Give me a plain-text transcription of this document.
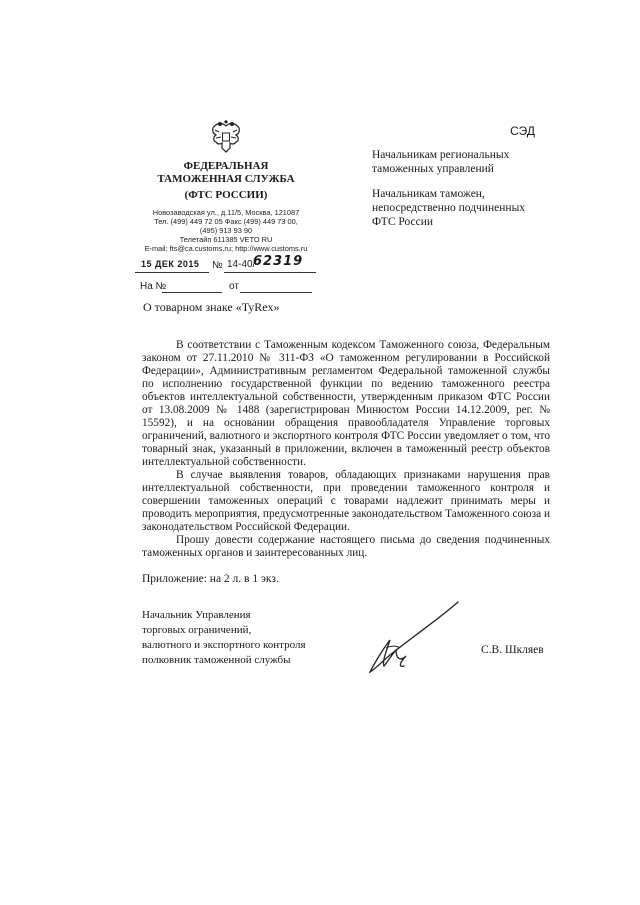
ФЕДЕРАЛЬНАЯ
ТАМОЖЕННАЯ СЛУЖБА
(ФТС РОССИИ)
Новозаводская ул., д.11/5, Москва, 121087
Тел. (499) 449 72 05 Факс (499) 449 73 00,
(495) 913 93 90
Телетайп 611385 VETO RU
E-mail: fts@ca.customs.ru; http://www.customs.ru
15 ДЕК 2015 № 14-40/
62319
На №	от
СЭД
Начальникам региональных
таможенных управлений
Начальникам таможен,
непосредственно подчиненных
ФТС России
О товарном знаке «TyRex»

В соответствии с Таможенным кодексом Таможенного союза, Федеральным законом от 27.11.2010 № 311-ФЗ «О таможенном регулировании в Российской Федерации», Административным регламентом Федеральной таможенной службы по исполнению государственной функции по ведению таможенного реестра объектов интеллектуальной собственности, утвержденным приказом ФТС России от 13.08.2009 № 1488 (зарегистрирован Минюстом России 14.12.2009, рег. № 15592), и на основании обращения правообладателя Управление торговых ограничений, валютного и экспортного контроля ФТС России уведомляет о том, что товарный знак, указанный в приложении, включен в таможенный реестр объектов интеллектуальной собственности.

В случае выявления товаров, обладающих признаками нарушения прав интеллектуальной собственности, при проведении таможенного контроля и совершении таможенных операций с товарами надлежит принимать меры и проводить мероприятия, предусмотренные законодательством Таможенного союза и законодательством Российской Федерации.

Прошу довести содержание настоящего письма до сведения подчиненных таможенных органов и заинтересованных лиц.

Приложение: на 2 л. в 1 экз.
Начальник Управления
торговых ограничений,
валютного и экспортного контроля
полковник таможенной службы
С.В. Шкляев
